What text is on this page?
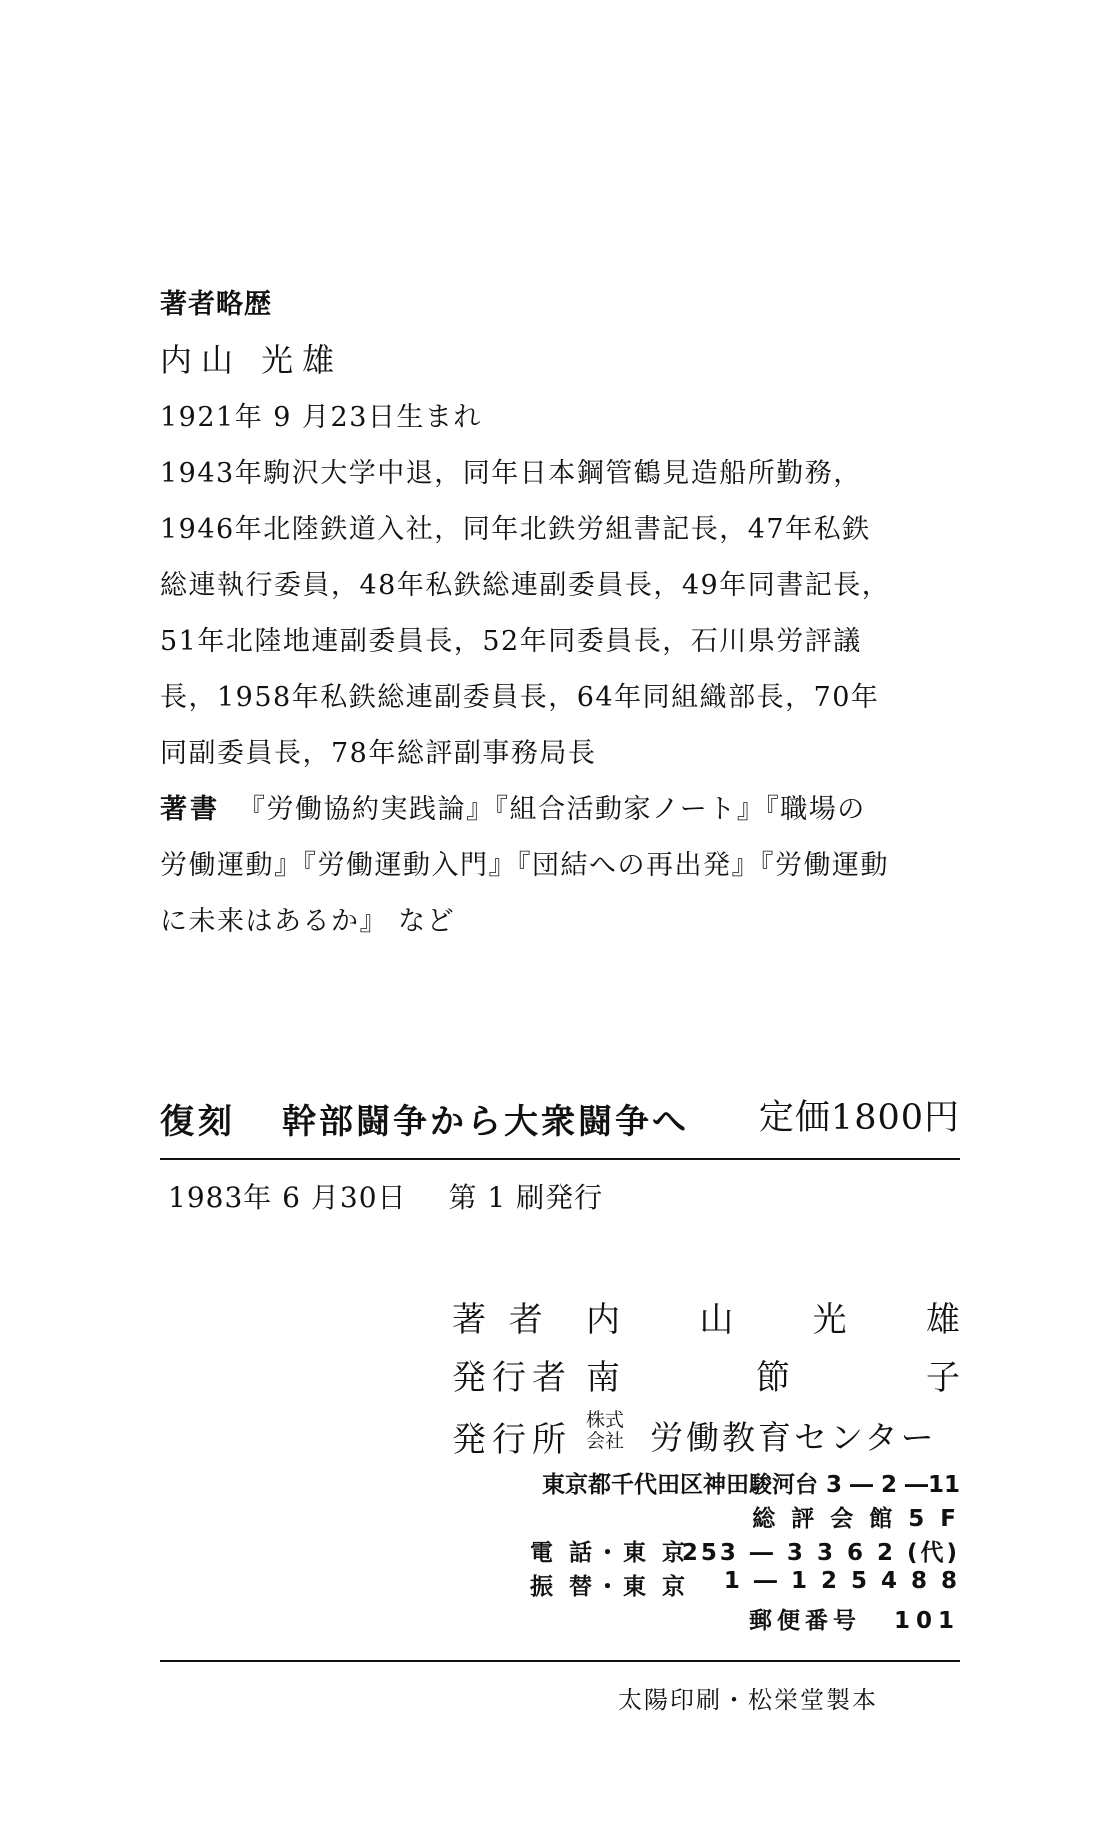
著者略歴
内山 光雄

1921年 9 月23日生まれ

1943年駒沢大学中退，同年日本鋼管鶴見造船所勤務，

1946年北陸鉄道入社，同年北鉄労組書記長，47年私鉄

総連執行委員，48年私鉄総連副委員長，49年同書記長，

51年北陸地連副委員長，52年同委員長，石川県労評議

長，1958年私鉄総連副委員長，64年同組織部長，70年

同副委員長，78年総評副事務局長

著書 『労働協約実践論』『組合活動家ノート』『職場の

労働運動』『労働運動入門』『団結への再出発』『労働運動

に未来はあるか』 など

復刻 幹部闘争から大衆闘争へ 定価1800円
1983年 6 月30日 第 1 刷発行
著 者 内 山 光 雄
発行者 南	節	子
発行所 株式
会社 労働教育センター
東京都千代田区神田駿河台 3 ― 2 ―11
総 評 会 館 5 F
電 話・東 京
253 ― 3 3 6 2 (代)
振 替・東 京 1 ― 1 2 5 4 8 8
郵便番号 101
太陽印刷・松栄堂製本
